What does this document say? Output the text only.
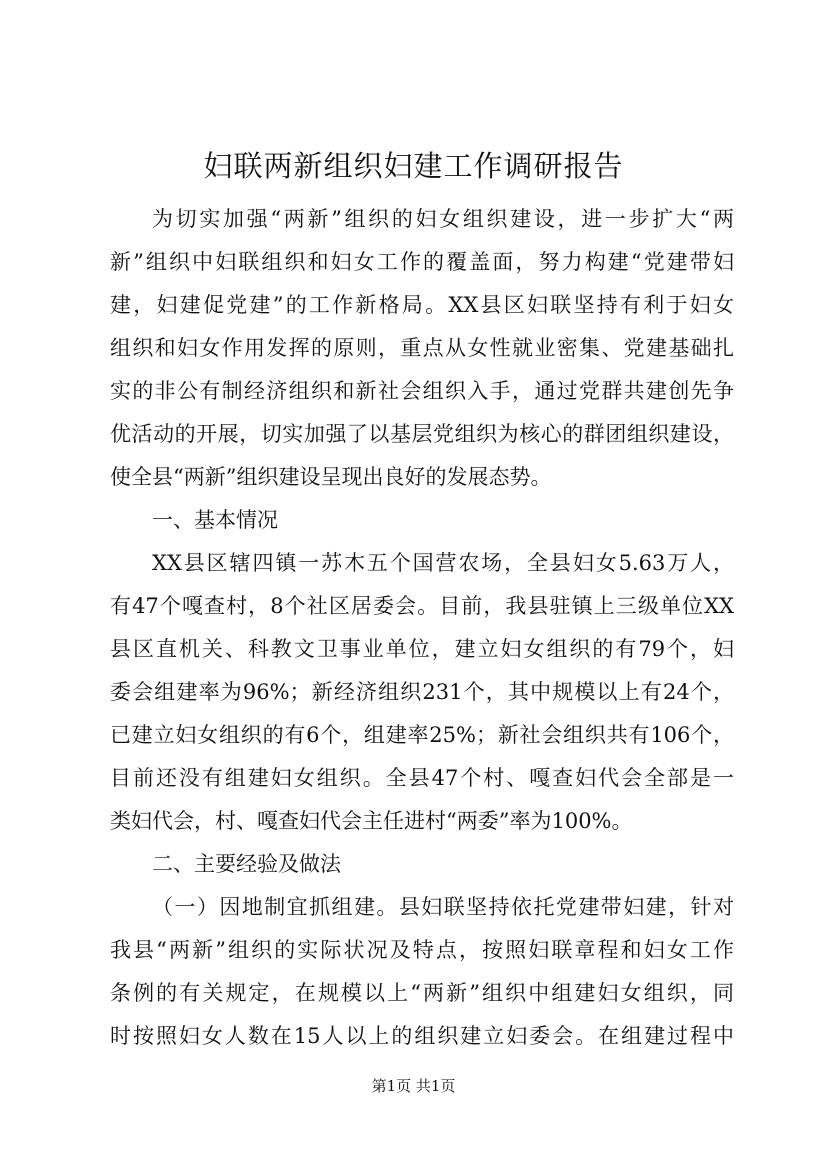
妇联两新组织妇建工作调研报告
为切实加强“两新”组织的妇女组织建设，进一步扩大“两
新”组织中妇联组织和妇女工作的覆盖面，努力构建“党建带妇
建，妇建促党建”的工作新格局。XX县区妇联坚持有利于妇女
组织和妇女作用发挥的原则，重点从女性就业密集、党建基础扎
实的非公有制经济组织和新社会组织入手，通过党群共建创先争
优活动的开展，切实加强了以基层党组织为核心的群团组织建设，
使全县“两新”组织建设呈现出良好的发展态势。
一、基本情况
XX县区辖四镇一苏木五个国营农场，全县妇女5.63万人，
有47个嘎查村，8个社区居委会。目前，我县驻镇上三级单位XX
县区直机关、科教文卫事业单位，建立妇女组织的有79个，妇
委会组建率为96%；新经济组织231个，其中规模以上有24个，
已建立妇女组织的有6个，组建率25%；新社会组织共有106个，
目前还没有组建妇女组织。全县47个村、嘎查妇代会全部是一
类妇代会，村、嘎查妇代会主任进村“两委”率为100%。
二、主要经验及做法
（一）因地制宜抓组建。县妇联坚持依托党建带妇建，针对
我县“两新”组织的实际状况及特点，按照妇联章程和妇女工作
条例的有关规定，在规模以上“两新”组织中组建妇女组织，同
时按照妇女人数在15人以上的组织建立妇委会。在组建过程中
第1页 共1页
